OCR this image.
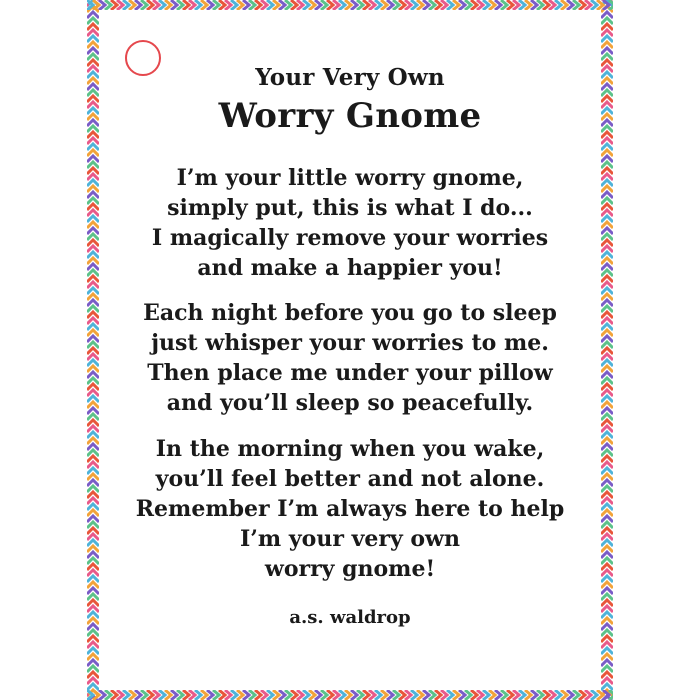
Your Very Own
Worry Gnome
I’m your little worry gnome,
simply put, this is what I do...
I magically remove your worries
and make a happier you!
Each night before you go to sleep
just whisper your worries to me.
Then place me under your pillow
and you’ll sleep so peacefully.
In the morning when you wake,
you’ll feel better and not alone.
Remember I’m always here to help
I’m your very own
worry gnome!
a.s. waldrop
